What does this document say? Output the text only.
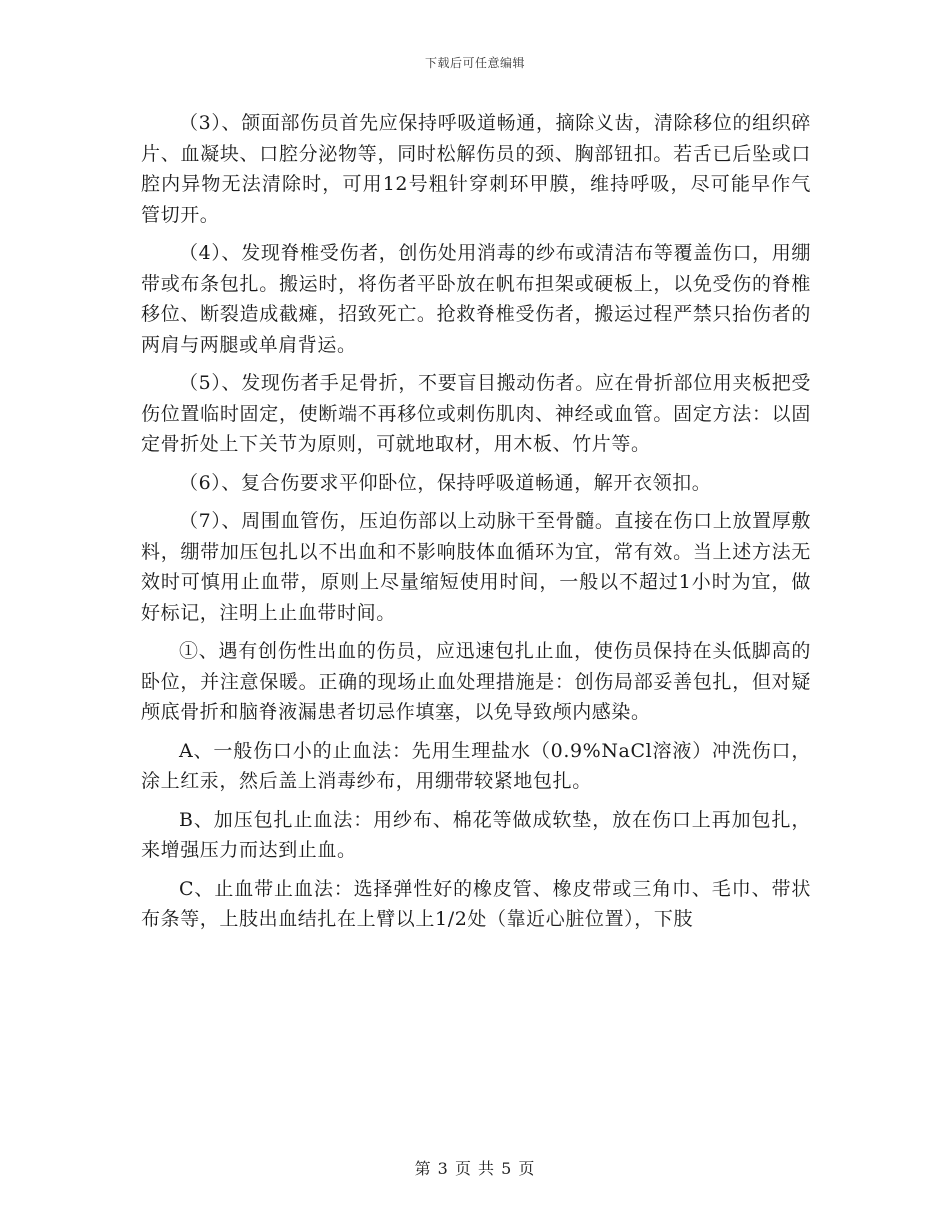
下载后可任意编辑

（3）、颌面部伤员首先应保持呼吸道畅通，摘除义齿，清除移位的组织碎片、血凝块、口腔分泌物等，同时松解伤员的颈、胸部钮扣。若舌已后坠或口腔内异物无法清除时，可用12号粗针穿刺环甲膜，维持呼吸，尽可能早作气管切开。

（4）、发现脊椎受伤者，创伤处用消毒的纱布或清洁布等覆盖伤口，用绷带或布条包扎。搬运时，将伤者平卧放在帆布担架或硬板上，以免受伤的脊椎移位、断裂造成截瘫，招致死亡。抢救脊椎受伤者，搬运过程严禁只抬伤者的两肩与两腿或单肩背运。

（5）、发现伤者手足骨折，不要盲目搬动伤者。应在骨折部位用夹板把受伤位置临时固定，使断端不再移位或刺伤肌肉、神经或血管。固定方法：以固定骨折处上下关节为原则，可就地取材，用木板、竹片等。

（6）、复合伤要求平仰卧位，保持呼吸道畅通，解开衣领扣。

（7）、周围血管伤，压迫伤部以上动脉干至骨髓。直接在伤口上放置厚敷料，绷带加压包扎以不出血和不影响肢体血循环为宜，常有效。当上述方法无效时可慎用止血带，原则上尽量缩短使用时间，一般以不超过1小时为宜，做好标记，注明上止血带时间。

①、遇有创伤性出血的伤员，应迅速包扎止血，使伤员保持在头低脚高的卧位，并注意保暖。正确的现场止血处理措施是：创伤局部妥善包扎，但对疑颅底骨折和脑脊液漏患者切忌作填塞，以免导致颅内感染。

A、一般伤口小的止血法：先用生理盐水（0.9%NaCl溶液）冲洗伤口，涂上红汞，然后盖上消毒纱布，用绷带较紧地包扎。

B、加压包扎止血法：用纱布、棉花等做成软垫，放在伤口上再加包扎，来增强压力而达到止血。

C、止血带止血法：选择弹性好的橡皮管、橡皮带或三角巾、毛巾、带状布条等，上肢出血结扎在上臂以上1/2处（靠近心脏位置），下肢

第 3 页 共 5 页
